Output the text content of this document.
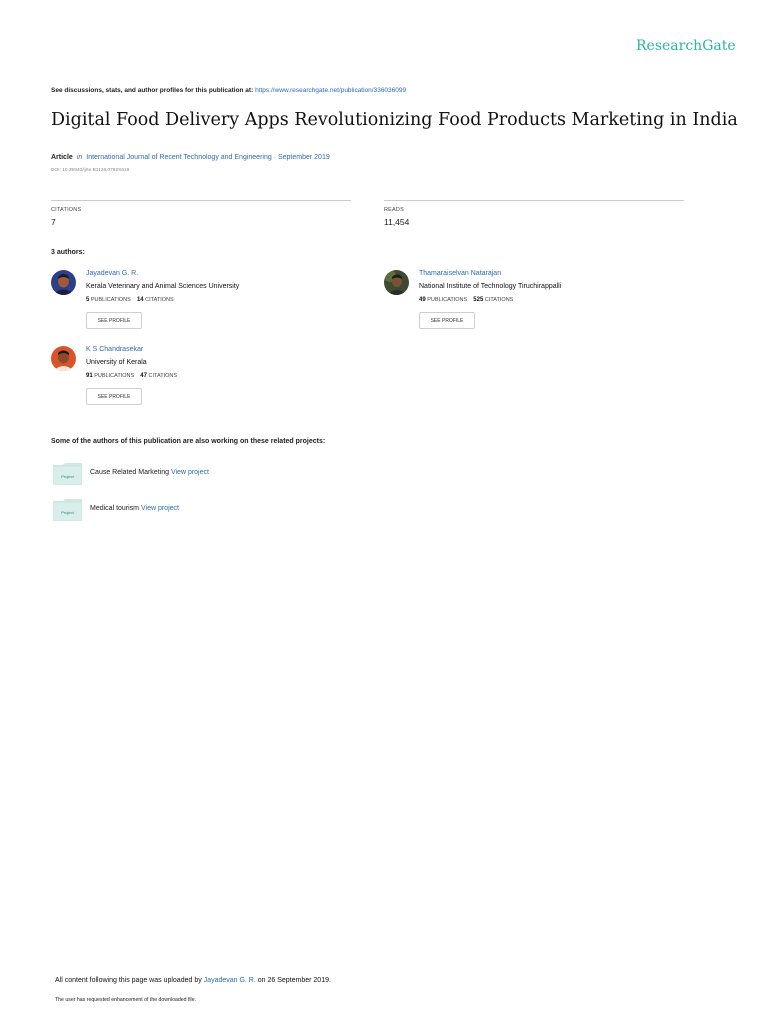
ResearchGate
See discussions, stats, and author profiles for this publication at: https://www.researchgate.net/publication/336036099
Digital Food Delivery Apps Revolutionizing Food Products Marketing in India
Article in International Journal of Recent Technology and Engineering · September 2019
DOI: 10.35940/ijrte.B1126.0782S619
CITATIONS
7
READS
11,454
3 authors:
Jayadevan G. R.
Kerala Veterinary and Animal Sciences University
5 PUBLICATIONS 14 CITATIONS
SEE PROFILE
Thamaraiselvan Natarajan
National Institute of Technology Tiruchirappalli
49 PUBLICATIONS 525 CITATIONS
SEE PROFILE
K S Chandrasekar
University of Kerala
91 PUBLICATIONS 47 CITATIONS
SEE PROFILE
Some of the authors of this publication are also working on these related projects:
Project
Cause Related Marketing View project
Project
Medical tourism View project
All content following this page was uploaded by Jayadevan G. R. on 26 September 2019.
The user has requested enhancement of the downloaded file.
